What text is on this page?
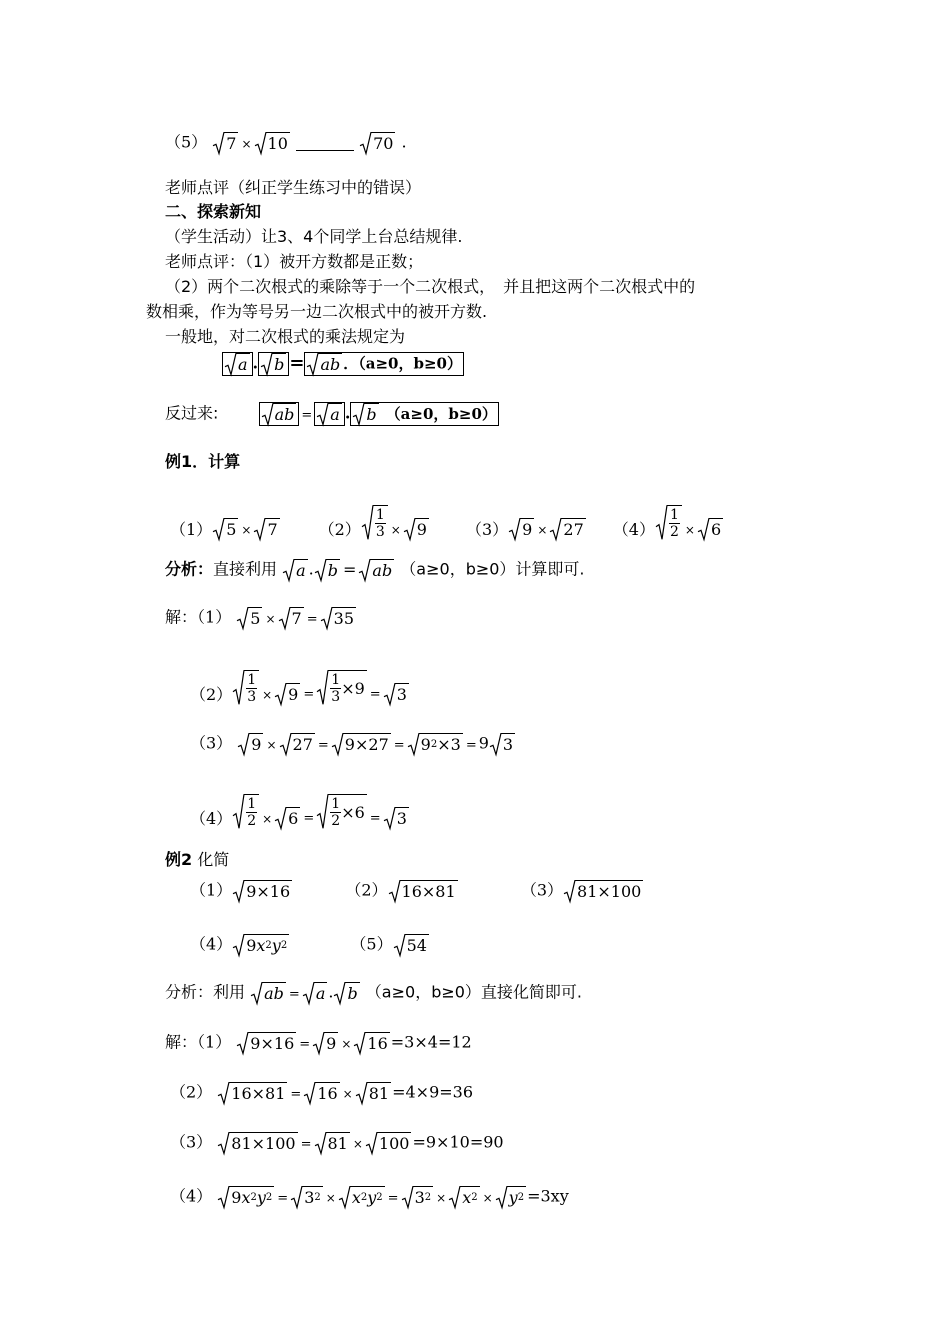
（5） 7 × 10
	70 .
老师点评（纠正学生练习中的错误）
二、探索新知
（学生活动）让3、4个同学上台总结规律.
老师点评：（1）被开方数都是正数；
（2）两个二次根式的乘除等于一个二次根式，　并且把这两个二次根式中的
数相乘，作为等号另一边二次根式中的被开方数.
一般地，对二次根式的乘法规定为
a . b = ab ．（a≥0，b≥0）
反过来:	ab = a . b （a≥0，b≥0）
例1．计算
（1） 5 × 7	$(2) \frac{1}{3} \times 9$ （3） 9 × 27 $(4) \frac{1}{2} \times 6$
分析：直接利用 a . b = ab （a≥0，b≥0）计算即可.
解：（1） 5 × 7 = 35
$(2) \frac{1}{3} \times 9 = \frac{1}{3} \times 9 = 3$
（3） 9 × 27 = 9 × 27 = 9 2 × 3 = 9 3
$(4) \frac{1}{2} \times 6 = \frac{1}{2} \times 6 = 3$
例2 化简
（1） 9×16	（2） 16×81	（3） 81×100
（4） 9 x 2 y 2	（5） 54
分析：利用 ab = a . b （a≥0，b≥0）直接化简即可.
解：（1） 9×16 = 9 × 16 =3×4=12
（2） 16×81 = 16 × 81 =4×9=36
（3） 81×100 = 81 × 100 =9×10=90
（4） 9 x 2 y 2 = 3 2 × x 2 y 2 = 3 2 × x 2 × y 2 =3xy
